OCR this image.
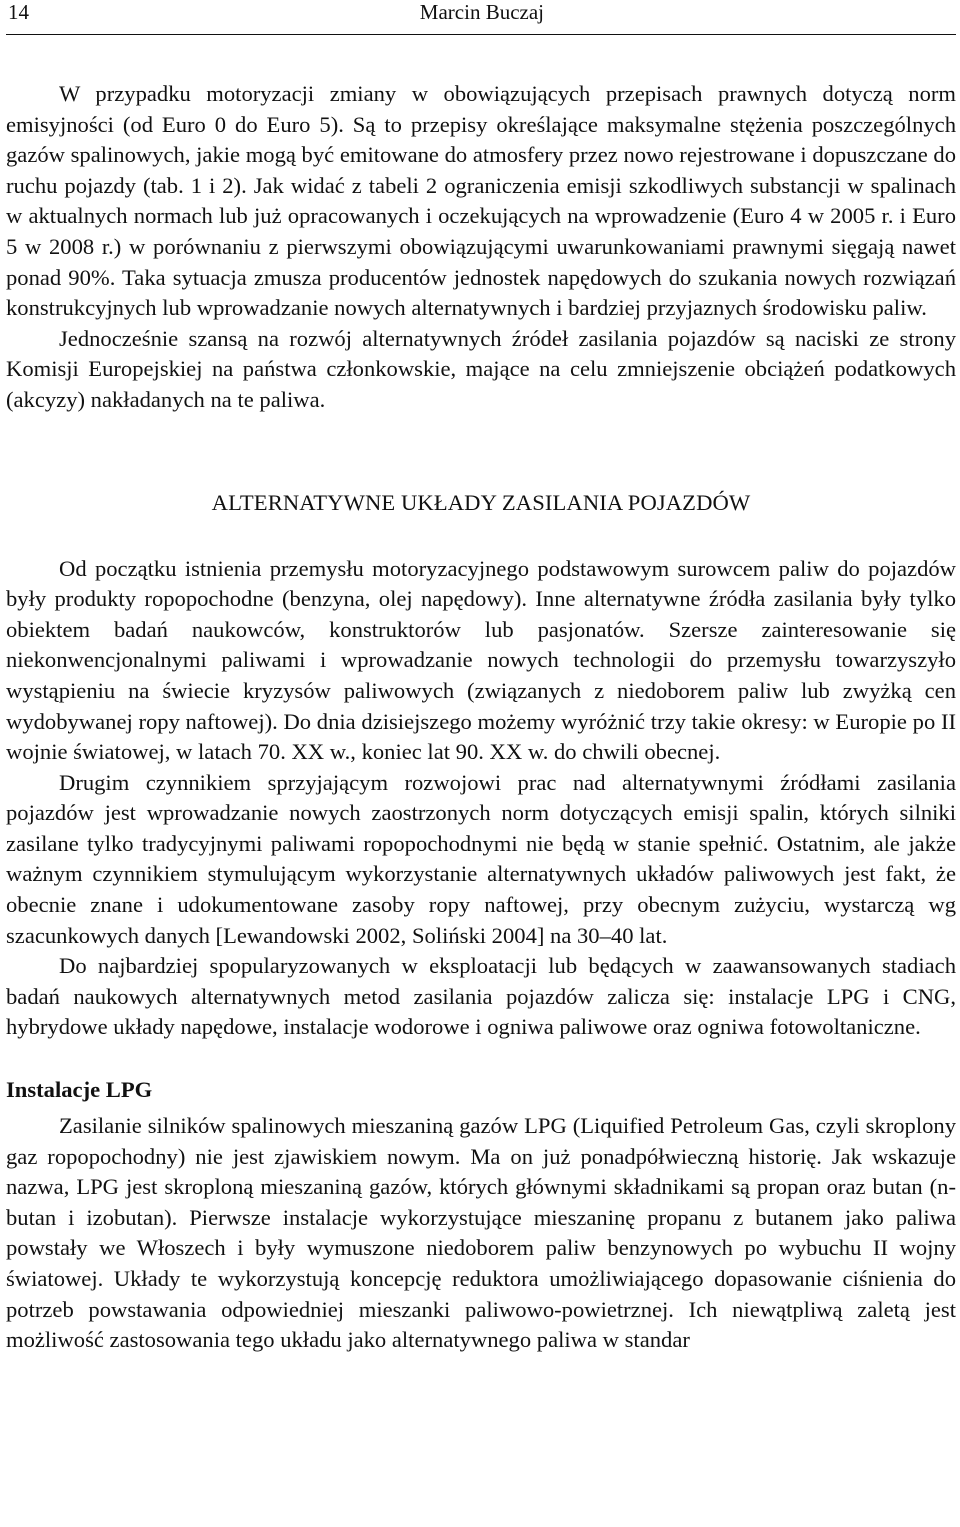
14	Marcin Buczaj

W przypadku motoryzacji zmiany w obowiązujących przepisach prawnych dotyczą norm emisyjności (od Euro 0 do Euro 5). Są to przepisy określające maksymalne stężenia poszczególnych gazów spalinowych, jakie mogą być emitowane do atmosfery przez nowo rejestrowane i dopuszczane do ruchu pojazdy (tab. 1 i 2). Jak widać z tabeli 2 ograniczenia emisji szkodliwych substancji w spalinach w aktualnych normach lub już opracowanych i oczekujących na wprowadzenie (Euro 4 w 2005 r. i Euro 5 w 2008 r.) w porównaniu z pierwszymi obowiązującymi uwarunkowaniami prawnymi sięgają nawet ponad 90%. Taka sytuacja zmusza producentów jednostek napędowych do szukania nowych rozwiązań konstrukcyjnych lub wprowadzanie nowych alternatywnych i bardziej przyjaznych środowisku paliw.

Jednocześnie szansą na rozwój alternatywnych źródeł zasilania pojazdów są naciski ze strony Komisji Europejskiej na państwa członkowskie, mające na celu zmniejszenie obciążeń podatkowych (akcyzy) nakładanych na te paliwa.

ALTERNATYWNE UKŁADY ZASILANIA POJAZDÓW

Od początku istnienia przemysłu motoryzacyjnego podstawowym surowcem paliw do pojazdów były produkty ropopochodne (benzyna, olej napędowy). Inne alternatywne źródła zasilania były tylko obiektem badań naukowców, konstruktorów lub pasjonatów. Szersze zainteresowanie się niekonwencjonalnymi paliwami i wprowadzanie nowych technologii do przemysłu towarzyszyło wystąpieniu na świecie kryzysów paliwowych (związanych z niedoborem paliw lub zwyżką cen wydobywanej ropy naftowej). Do dnia dzisiejszego możemy wyróżnić trzy takie okresy: w Europie po II wojnie światowej, w latach 70. XX w., koniec lat 90. XX w. do chwili obecnej.

Drugim czynnikiem sprzyjającym rozwojowi prac nad alternatywnymi źródłami zasilania pojazdów jest wprowadzanie nowych zaostrzonych norm dotyczących emisji spalin, których silniki zasilane tylko tradycyjnymi paliwami ropopochodnymi nie będą w stanie spełnić. Ostatnim, ale jakże ważnym czynnikiem stymulującym wykorzystanie alternatywnych układów paliwowych jest fakt, że obecnie znane i udokumentowane zasoby ropy naftowej, przy obecnym zużyciu, wystarczą wg szacunkowych danych [Lewandowski 2002, Soliński 2004] na 30–40 lat.

Do najbardziej spopularyzowanych w eksploatacji lub będących w zaawansowanych stadiach badań naukowych alternatywnych metod zasilania pojazdów zalicza się: instalacje LPG i CNG, hybrydowe układy napędowe, instalacje wodorowe i ogniwa paliwowe oraz ogniwa fotowoltaniczne.

Instalacje LPG

Zasilanie silników spalinowych mieszaniną gazów LPG (Liquified Petroleum Gas, czyli skroplony gaz ropopochodny) nie jest zjawiskiem nowym. Ma on już ponadpółwieczną historię. Jak wskazuje nazwa, LPG jest skroploną mieszaniną gazów, których głównymi składnikami są propan oraz butan (n-butan i izobutan). Pierwsze instalacje wykorzystujące mieszaninę propanu z butanem jako paliwa powstały we Włoszech i były wymuszone niedoborem paliw benzynowych po wybuchu II wojny światowej. Układy te wykorzystują koncepcję reduktora umożliwiającego dopasowanie ciśnienia do potrzeb powstawania odpowiedniej mieszanki paliwowo-powietrznej. Ich niewątpliwą zaletą jest możliwość zastosowania tego układu jako alternatywnego paliwa w standar
